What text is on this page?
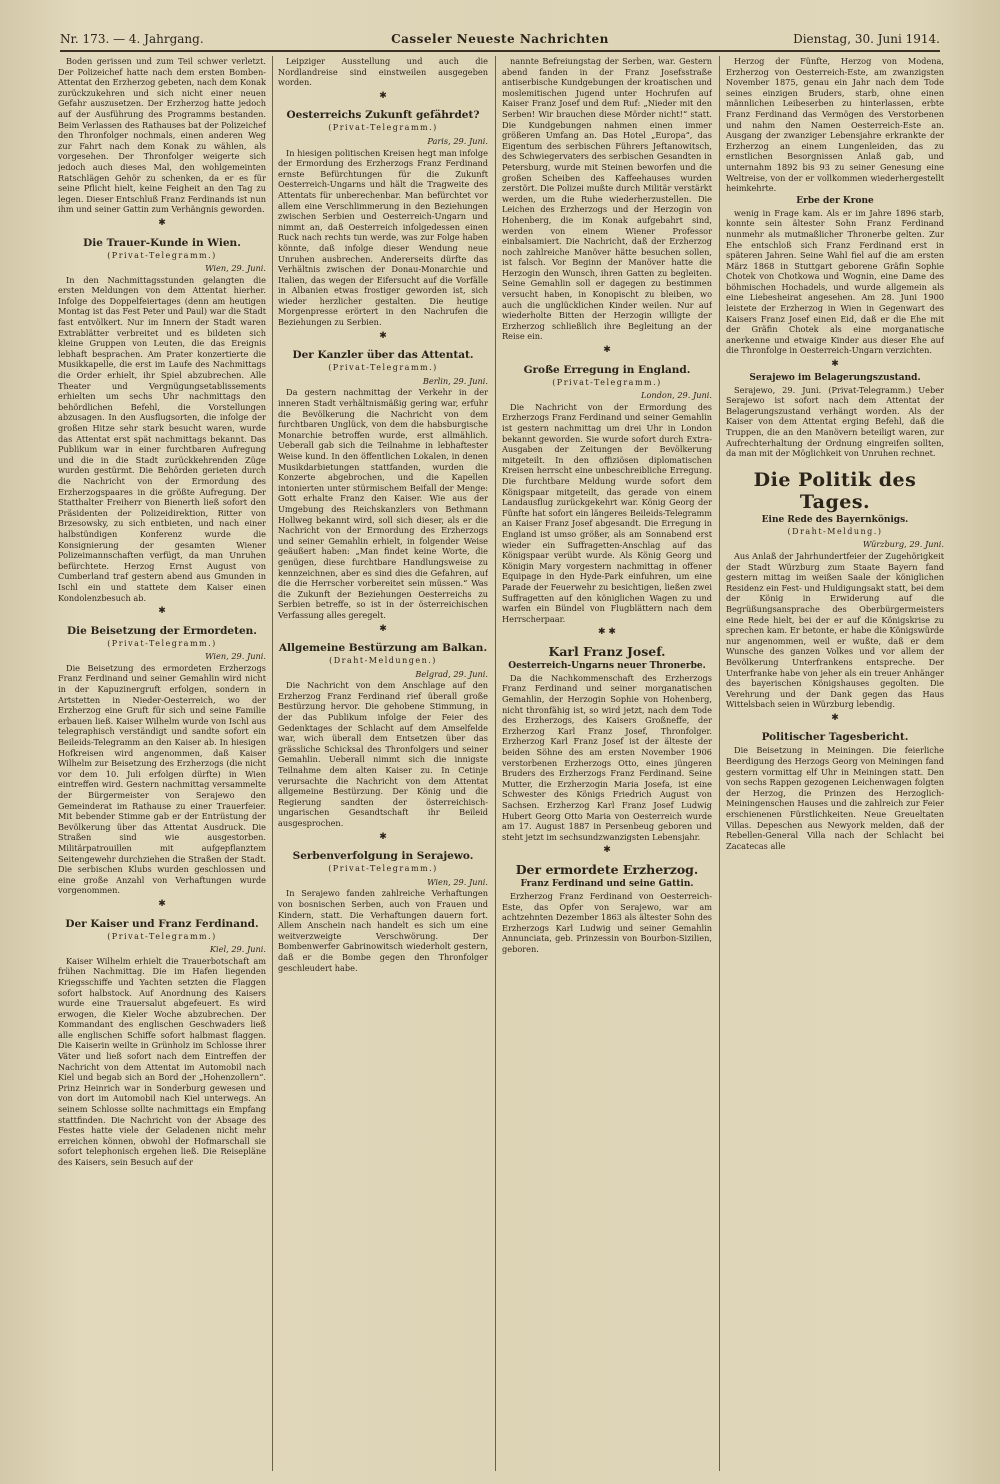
Nr. 173. — 4. Jahrgang.	Casseler Neueste Nachrichten	Dienstag, 30. Juni 1914.

Boden gerissen und zum Teil schwer verletzt. Der Polizeichef hatte nach dem ersten Bomben-Attentat den Erzherzog gebeten, nach dem Konak zurückzukehren und sich nicht einer neuen Gefahr auszusetzen. Der Erzherzog hatte jedoch auf der Ausführung des Programms bestanden. Beim Verlassen des Rathauses bat der Polizeichef den Thronfolger nochmals, einen anderen Weg zur Fahrt nach dem Konak zu wählen, als vorgesehen. Der Thronfolger weigerte sich jedoch auch dieses Mal, den wohlgemeinten Ratschlägen Gehör zu schenken, da er es für seine Pflicht hielt, keine Feigheit an den Tag zu legen. Dieser Entschluß Franz Ferdinands ist nun ihm und seiner Gattin zum Verhängnis geworden.

✱
Die Trauer-Kunde in Wien.
(Privat-Telegramm.)
Wien, 29. Juni.

In den Nachmittagsstunden gelangten die ersten Meldungen von dem Attentat hierher. Infolge des Doppelfeiertages (denn am heutigen Montag ist das Fest Peter und Paul) war die Stadt fast entvölkert. Nur im Innern der Stadt waren Extrablätter verbreitet und es bildeten sich kleine Gruppen von Leuten, die das Ereignis lebhaft besprachen. Am Prater konzertierte die Musikkapelle, die erst im Laufe des Nachmittags die Order erhielt, ihr Spiel abzubrechen. Alle Theater und Vergnügungsetablissements erhielten um sechs Uhr nachmittags den behördlichen Befehl, die Vorstellungen abzusagen. In den Ausflugsorten, die infolge der großen Hitze sehr stark besucht waren, wurde das Attentat erst spät nachmittags bekannt. Das Publikum war in einer furchtbaren Aufregung und die in die Stadt zurückkehrenden Züge wurden gestürmt. Die Behörden gerieten durch die Nachricht von der Ermordung des Erzherzogspaares in die größte Aufregung. Der Statthalter Freiherr von Bienerth ließ sofort den Präsidenten der Polizeidirektion, Ritter von Brzesowsky, zu sich entbieten, und nach einer halbstündigen Konferenz wurde die Konsignierung der gesamten Wiener Polizeimannschaften verfügt, da man Unruhen befürchtete. Herzog Ernst August von Cumberland traf gestern abend aus Gmunden in Ischl ein und stattete dem Kaiser einen Kondolenzbesuch ab.

✱
Die Beisetzung der Ermordeten.
(Privat-Telegramm.)
Wien, 29. Juni.

Die Beisetzung des ermordeten Erzherzogs Franz Ferdinand und seiner Gemahlin wird nicht in der Kapuzinergruft erfolgen, sondern in Artstetten in Nieder-Oesterreich, wo der Erzherzog eine Gruft für sich und seine Familie erbauen ließ. Kaiser Wilhelm wurde von Ischl aus telegraphisch verständigt und sandte sofort ein Beileids-Telegramm an den Kaiser ab. In hiesigen Hofkreisen wird angenommen, daß Kaiser Wilhelm zur Beisetzung des Erzherzogs (die nicht vor dem 10. Juli erfolgen dürfte) in Wien eintreffen wird. Gestern nachmittag versammelte der Bürgermeister von Serajewo den Gemeinderat im Rathause zu einer Trauerfeier. Mit bebender Stimme gab er der Entrüstung der Bevölkerung über das Attentat Ausdruck. Die Straßen sind wie ausgestorben. Militärpatrouillen mit aufgepflanztem Seitengewehr durchziehen die Straßen der Stadt. Die serbischen Klubs wurden geschlossen und eine große Anzahl von Verhaftungen wurde vorgenommen.

✱
Der Kaiser und Franz Ferdinand.
(Privat-Telegramm.)
Kiel, 29. Juni.

Kaiser Wilhelm erhielt die Trauerbotschaft am frühen Nachmittag. Die im Hafen liegenden Kriegsschiffe und Yachten setzten die Flaggen sofort halbstock. Auf Anordnung des Kaisers wurde eine Trauersalut abgefeuert. Es wird erwogen, die Kieler Woche abzubrechen. Der Kommandant des englischen Geschwaders ließ alle englischen Schiffe sofort halbmast flaggen. Die Kaiserin weilte in Grünholz im Schlosse ihrer Väter und ließ sofort nach dem Eintreffen der Nachricht von dem Attentat im Automobil nach Kiel und begab sich an Bord der „Hohenzollern“. Prinz Heinrich war in Sonderburg gewesen und von dort im Automobil nach Kiel unterwegs. An seinem Schlosse sollte nachmittags ein Empfang stattfinden. Die Nachricht von der Absage des Festes hatte viele der Geladenen nicht mehr erreichen können, obwohl der Hofmarschall sie sofort telephonisch ergehen ließ. Die Reisepläne des Kaisers, sein Besuch auf der

Leipziger Ausstellung und auch die Nordlandreise sind einstweilen ausgegeben worden.

✱
Oesterreichs Zukunft gefährdet?
(Privat-Telegramm.)
Paris, 29. Juni.

In hiesigen politischen Kreisen hegt man infolge der Ermordung des Erzherzogs Franz Ferdinand ernste Befürchtungen für die Zukunft Oesterreich-Ungarns und hält die Tragweite des Attentats für unberechenbar. Man befürchtet vor allem eine Verschlimmerung in den Beziehungen zwischen Serbien und Oesterreich-Ungarn und nimmt an, daß Oesterreich infolgedessen einen Ruck nach rechts tun werde, was zur Folge haben könnte, daß infolge dieser Wendung neue Unruhen ausbrechen. Andererseits dürfte das Verhältnis zwischen der Donau-Monarchie und Italien, das wegen der Eifersucht auf die Vorfälle in Albanien etwas frostiger geworden ist, sich wieder herzlicher gestalten. Die heutige Morgenpresse erörtert in den Nachrufen die Beziehungen zu Serbien.

✱
Der Kanzler über das Attentat.
(Privat-Telegramm.)
Berlin, 29. Juni.

Da gestern nachmittag der Verkehr in der inneren Stadt verhältnismäßig gering war, erfuhr die Bevölkerung die Nachricht von dem furchtbaren Unglück, von dem die habsburgische Monarchie betroffen wurde, erst allmählich. Ueberall gab sich die Teilnahme in lebhaftester Weise kund. In den öffentlichen Lokalen, in denen Musikdarbietungen stattfanden, wurden die Konzerte abgebrochen, und die Kapellen intonierten unter stürmischem Beifall der Menge: Gott erhalte Franz den Kaiser. Wie aus der Umgebung des Reichskanzlers von Bethmann Hollweg bekannt wird, soll sich dieser, als er die Nachricht von der Ermordung des Erzherzogs und seiner Gemahlin erhielt, in folgender Weise geäußert haben: „Man findet keine Worte, die genügen, diese furchtbare Handlungsweise zu kennzeichnen, aber es sind dies die Gefahren, auf die die Herrscher vorbereitet sein müssen.“ Was die Zukunft der Beziehungen Oesterreichs zu Serbien betreffe, so ist in der österreichischen Verfassung alles geregelt.

✱
Allgemeine Bestürzung am Balkan.
(Draht-Meldungen.)
Belgrad, 29. Juni.

Die Nachricht von dem Anschlage auf den Erzherzog Franz Ferdinand rief überall große Bestürzung hervor. Die gehobene Stimmung, in der das Publikum infolge der Feier des Gedenktages der Schlacht auf dem Amselfelde war, wich überall dem Entsetzen über das grässliche Schicksal des Thronfolgers und seiner Gemahlin. Ueberall nimmt sich die innigste Teilnahme dem alten Kaiser zu. In Cetinje verursachte die Nachricht von dem Attentat allgemeine Bestürzung. Der König und die Regierung sandten der österreichisch-ungarischen Gesandtschaft ihr Beileid ausgesprochen.

✱
Serbenverfolgung in Serajewo.
(Privat-Telegramm.)
Wien, 29. Juni.

In Serajewo fanden zahlreiche Verhaftungen von bosnischen Serben, auch von Frauen und Kindern, statt. Die Verhaftungen dauern fort. Allem Anschein nach handelt es sich um eine weitverzweigte Verschwörung. Der Bombenwerfer Gabrinowitsch wiederholt gestern, daß er die Bombe gegen den Thronfolger geschleudert habe.

nannte Befreiungstag der Serben, war. Gestern abend fanden in der Franz Josefsstraße antiserbische Kundgebungen der kroatischen und moslemitischen Jugend unter Hochrufen auf Kaiser Franz Josef und dem Ruf: „Nieder mit den Serben! Wir brauchen diese Mörder nicht!“ statt. Die Kundgebungen nahmen einen immer größeren Umfang an. Das Hotel „Europa“, das Eigentum des serbischen Führers Jeftanowitsch, des Schwiegervaters des serbischen Gesandten in Petersburg, wurde mit Steinen beworfen und die großen Scheiben des Kaffeehauses wurden zerstört. Die Polizei mußte durch Militär verstärkt werden, um die Ruhe wiederherzustellen. Die Leichen des Erzherzogs und der Herzogin von Hohenberg, die im Konak aufgebahrt sind, werden von einem Wiener Professor einbalsamiert. Die Nachricht, daß der Erzherzog noch zahlreiche Manöver hätte besuchen sollen, ist falsch. Vor Beginn der Manöver hatte die Herzogin den Wunsch, ihren Gatten zu begleiten. Seine Gemahlin soll er dagegen zu bestimmen versucht haben, in Konopischt zu bleiben, wo auch die unglücklichen Kinder weilen. Nur auf wiederholte Bitten der Herzogin willigte der Erzherzog schließlich ihre Begleitung an der Reise ein.

✱
Große Erregung in England.
(Privat-Telegramm.)
London, 29. Juni.

Die Nachricht von der Ermordung des Erzherzogs Franz Ferdinand und seiner Gemahlin ist gestern nachmittag um drei Uhr in London bekannt geworden. Sie wurde sofort durch Extra-Ausgaben der Zeitungen der Bevölkerung mitgeteilt. In den offiziösen diplomatischen Kreisen herrscht eine unbeschreibliche Erregung. Die furchtbare Meldung wurde sofort dem Königspaar mitgeteilt, das gerade von einem Landausflug zurückgekehrt war. König Georg der Fünfte hat sofort ein längeres Beileids-Telegramm an Kaiser Franz Josef abgesandt. Die Erregung in England ist umso größer, als am Sonnabend erst wieder ein Suffragetten-Anschlag auf das Königspaar verübt wurde. Als König Georg und Königin Mary vorgestern nachmittag in offener Equipage in den Hyde-Park einfuhren, um eine Parade der Feuerwehr zu besichtigen, ließen zwei Suffragetten auf den königlichen Wagen zu und warfen ein Bündel von Flugblättern nach dem Herrscherpaar.

✱ ✱
Karl Franz Josef.
Oesterreich-Ungarns neuer Thronerbe.

Da die Nachkommenschaft des Erzherzogs Franz Ferdinand und seiner morganatischen Gemahlin, der Herzogin Sophie von Hohenberg, nicht thronfähig ist, so wird jetzt, nach dem Tode des Erzherzogs, des Kaisers Großneffe, der Erzherzog Karl Franz Josef, Thronfolger. Erzherzog Karl Franz Josef ist der älteste der beiden Söhne des am ersten November 1906 verstorbenen Erzherzogs Otto, eines jüngeren Bruders des Erzherzogs Franz Ferdinand. Seine Mutter, die Erzherzogin Maria Josefa, ist eine Schwester des Königs Friedrich August von Sachsen. Erzherzog Karl Franz Josef Ludwig Hubert Georg Otto Maria von Oesterreich wurde am 17. August 1887 in Persenbeug geboren und steht jetzt im sechsundzwanzigsten Lebensjahr.

✱
Der ermordete Erzherzog.
Franz Ferdinand und seine Gattin.

Erzherzog Franz Ferdinand von Oesterreich-Este, das Opfer von Serajewo, war am achtzehnten Dezember 1863 als ältester Sohn des Erzherzogs Karl Ludwig und seiner Gemahlin Annunciata, geb. Prinzessin von Bourbon-Sizilien, geboren.

Herzog der Fünfte, Herzog von Modena, Erzherzog von Oesterreich-Este, am zwanzigsten November 1875, genau ein Jahr nach dem Tode seines einzigen Bruders, starb, ohne einen männlichen Leibeserben zu hinterlassen, erbte Franz Ferdinand das Vermögen des Verstorbenen und nahm den Namen Oesterreich-Este an. Ausgang der zwanziger Lebensjahre erkrankte der Erzherzog an einem Lungenleiden, das zu ernstlichen Besorgnissen Anlaß gab, und unternahm 1892 bis 93 zu seiner Genesung eine Weltreise, von der er vollkommen wiederhergestellt heimkehrte.

Erbe der Krone

wenig in Frage kam. Als er im Jahre 1896 starb, konnte sein ältester Sohn Franz Ferdinand nunmehr als mutmaßlicher Thronerbe gelten. Zur Ehe entschloß sich Franz Ferdinand erst in späteren Jahren. Seine Wahl fiel auf die am ersten März 1868 in Stuttgart geborene Gräfin Sophie Chotek von Chotkowa und Wognin, eine Dame des böhmischen Hochadels, und wurde allgemein als eine Liebesheirat angesehen. Am 28. Juni 1900 leistete der Erzherzog in Wien in Gegenwart des Kaisers Franz Josef einen Eid, daß er die Ehe mit der Gräfin Chotek als eine morganatische anerkenne und etwaige Kinder aus dieser Ehe auf die Thronfolge in Oesterreich-Ungarn verzichten.

✱
Serajewo im Belagerungszustand.

Serajewo, 29. Juni. (Privat-Telegramm.) Ueber Serajewo ist sofort nach dem Attentat der Belagerungszustand verhängt worden. Als der Kaiser von dem Attentat erging Befehl, daß die Truppen, die an den Manövern beteiligt waren, zur Aufrechterhaltung der Ordnung eingreifen sollten, da man mit der Möglichkeit von Unruhen rechnet.

Die Politik des Tages.
Eine Rede des Bayernkönigs.
(Draht-Meldung.)
Würzburg, 29. Juni.

Aus Anlaß der Jahrhundertfeier der Zugehörigkeit der Stadt Würzburg zum Staate Bayern fand gestern mittag im weißen Saale der königlichen Residenz ein Fest- und Huldigungsakt statt, bei dem der König in Erwiderung auf die Begrüßungsansprache des Oberbürgermeisters eine Rede hielt, bei der er auf die Königskrise zu sprechen kam. Er betonte, er habe die Königswürde nur angenommen, weil er wußte, daß er dem Wunsche des ganzen Volkes und vor allem der Bevölkerung Unterfrankens entspreche. Der Unterfranke habe von jeher als ein treuer Anhänger des bayerischen Königshauses gegolten. Die Verehrung und der Dank gegen das Haus Wittelsbach seien in Würzburg lebendig.

✱
Politischer Tagesbericht.

Die Beisetzung in Meiningen. Die feierliche Beerdigung des Herzogs Georg von Meiningen fand gestern vormittag elf Uhr in Meiningen statt. Den von sechs Rappen gezogenen Leichenwagen folgten der Herzog, die Prinzen des Herzoglich-Meiningenschen Hauses und die zahlreich zur Feier erschienenen Fürstlichkeiten. Neue Greueltaten Villas. Depeschen aus Newyork melden, daß der Rebellen-General Villa nach der Schlacht bei Zacatecas alle
